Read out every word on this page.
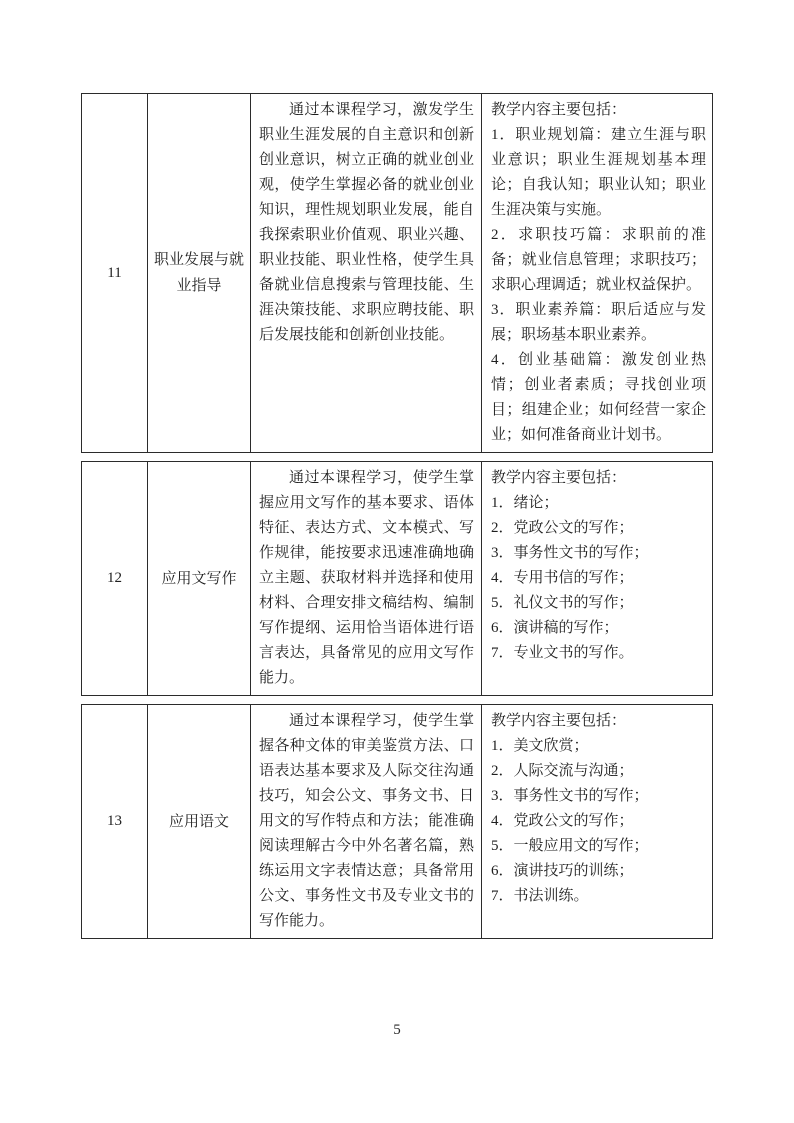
11
职业发展与就业指导

通过本课程学习，激发学生职业生涯发展的自主意识和创新创业意识，树立正确的就业创业观，使学生掌握必备的就业创业知识，理性规划职业发展，能自我探索职业价值观、职业兴趣、职业技能、职业性格，使学生具备就业信息搜索与管理技能、生涯决策技能、求职应聘技能、职后发展技能和创新创业技能。

教学内容主要包括：

1．职业规划篇：建立生涯与职业意识；职业生涯规划基本理论；自我认知；职业认知；职业生涯决策与实施。

2．求职技巧篇：求职前的准备；就业信息管理；求职技巧；求职心理调适；就业权益保护。

3．职业素养篇：职后适应与发展；职场基本职业素养。

4．创业基础篇：激发创业热情；创业者素质；寻找创业项目；组建企业；如何经营一家企业；如何准备商业计划书。

12	应用文写作

通过本课程学习，使学生掌握应用文写作的基本要求、语体特征、表达方式、文本模式、写作规律，能按要求迅速准确地确立主题、获取材料并选择和使用材料、合理安排文稿结构、编制写作提纲、运用恰当语体进行语言表达，具备常见的应用文写作能力。

教学内容主要包括：

1．绪论；

2．党政公文的写作；

3．事务性文书的写作；

4．专用书信的写作；

5．礼仪文书的写作；

6．演讲稿的写作；

7．专业文书的写作。

13	应用语文

通过本课程学习，使学生掌握各种文体的审美鉴赏方法、口语表达基本要求及人际交往沟通技巧，知会公文、事务文书、日用文的写作特点和方法；能准确阅读理解古今中外名著名篇，熟练运用文字表情达意；具备常用公文、事务性文书及专业文书的写作能力。

教学内容主要包括：

1．美文欣赏；

2．人际交流与沟通；

3．事务性文书的写作；

4．党政公文的写作；

5．一般应用文的写作；

6．演讲技巧的训练；

7．书法训练。

5
